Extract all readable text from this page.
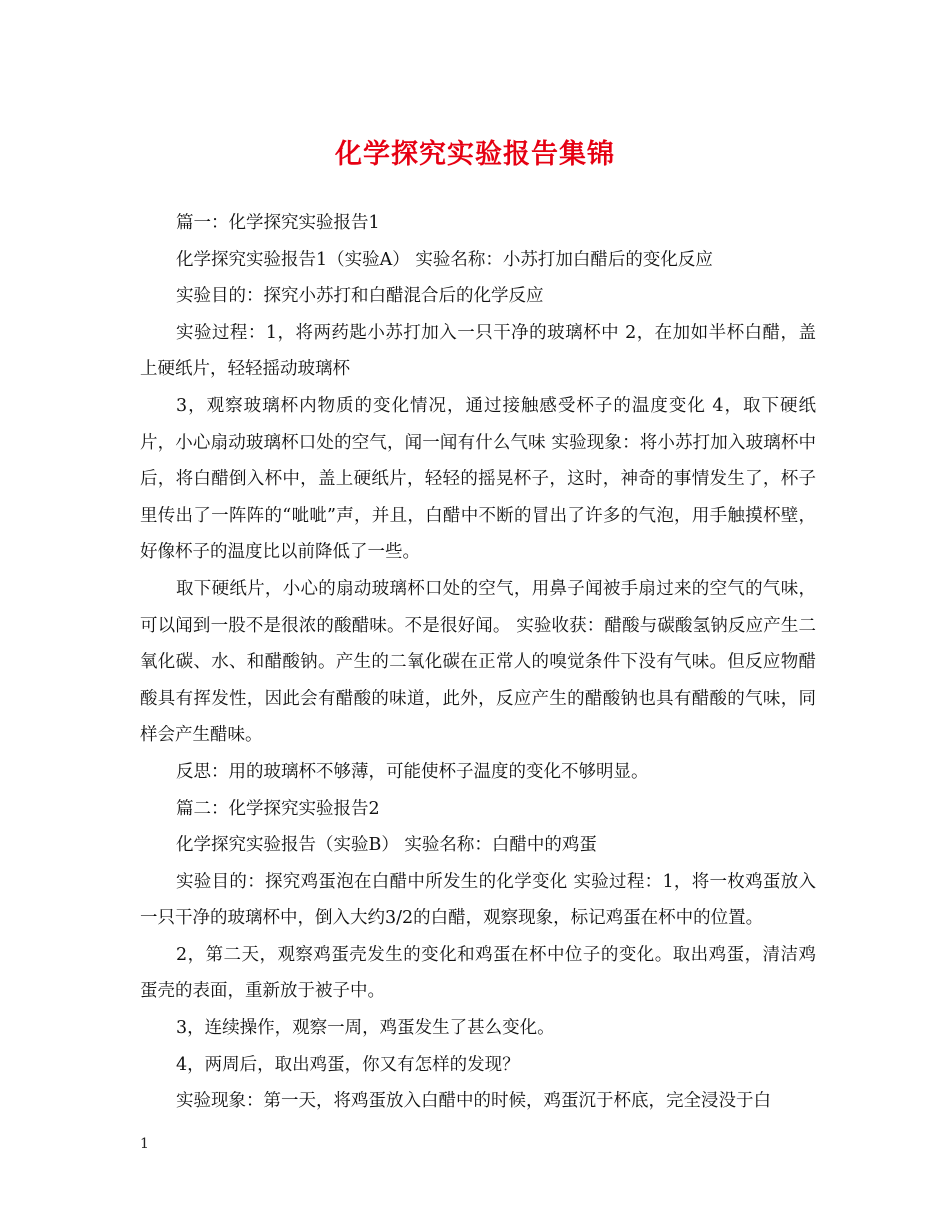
化学探究实验报告集锦

篇一：化学探究实验报告1

化学探究实验报告1（实验A） 实验名称：小苏打加白醋后的变化反应

实验目的：探究小苏打和白醋混合后的化学反应

实验过程：1，将两药匙小苏打加入一只干净的玻璃杯中 2，在加如半杯白醋，盖上硬纸片，轻轻摇动玻璃杯

3，观察玻璃杯内物质的变化情况，通过接触感受杯子的温度变化 4，取下硬纸片，小心扇动玻璃杯口处的空气，闻一闻有什么气味 实验现象：将小苏打加入玻璃杯中后，将白醋倒入杯中，盖上硬纸片，轻轻的摇晃杯子，这时，神奇的事情发生了，杯子里传出了一阵阵的“呲呲”声，并且，白醋中不断的冒出了许多的气泡，用手触摸杯壁，好像杯子的温度比以前降低了一些。

取下硬纸片，小心的扇动玻璃杯口处的空气，用鼻子闻被手扇过来的空气的气味，可以闻到一股不是很浓的酸醋味。不是很好闻。 实验收获：醋酸与碳酸氢钠反应产生二氧化碳、水、和醋酸钠。产生的二氧化碳在正常人的嗅觉条件下没有气味。但反应物醋酸具有挥发性，因此会有醋酸的味道，此外，反应产生的醋酸钠也具有醋酸的气味，同样会产生醋味。

反思：用的玻璃杯不够薄，可能使杯子温度的变化不够明显。

篇二：化学探究实验报告2

化学探究实验报告（实验B） 实验名称：白醋中的鸡蛋

实验目的：探究鸡蛋泡在白醋中所发生的化学变化 实验过程：1，将一枚鸡蛋放入一只干净的玻璃杯中，倒入大约3/2的白醋，观察现象，标记鸡蛋在杯中的位置。

2，第二天，观察鸡蛋壳发生的变化和鸡蛋在杯中位子的变化。取出鸡蛋，清洁鸡蛋壳的表面，重新放于被子中。

3，连续操作，观察一周，鸡蛋发生了甚么变化。

4，两周后，取出鸡蛋，你又有怎样的发现？

实验现象：第一天，将鸡蛋放入白醋中的时候，鸡蛋沉于杯底，完全浸没于白

1
